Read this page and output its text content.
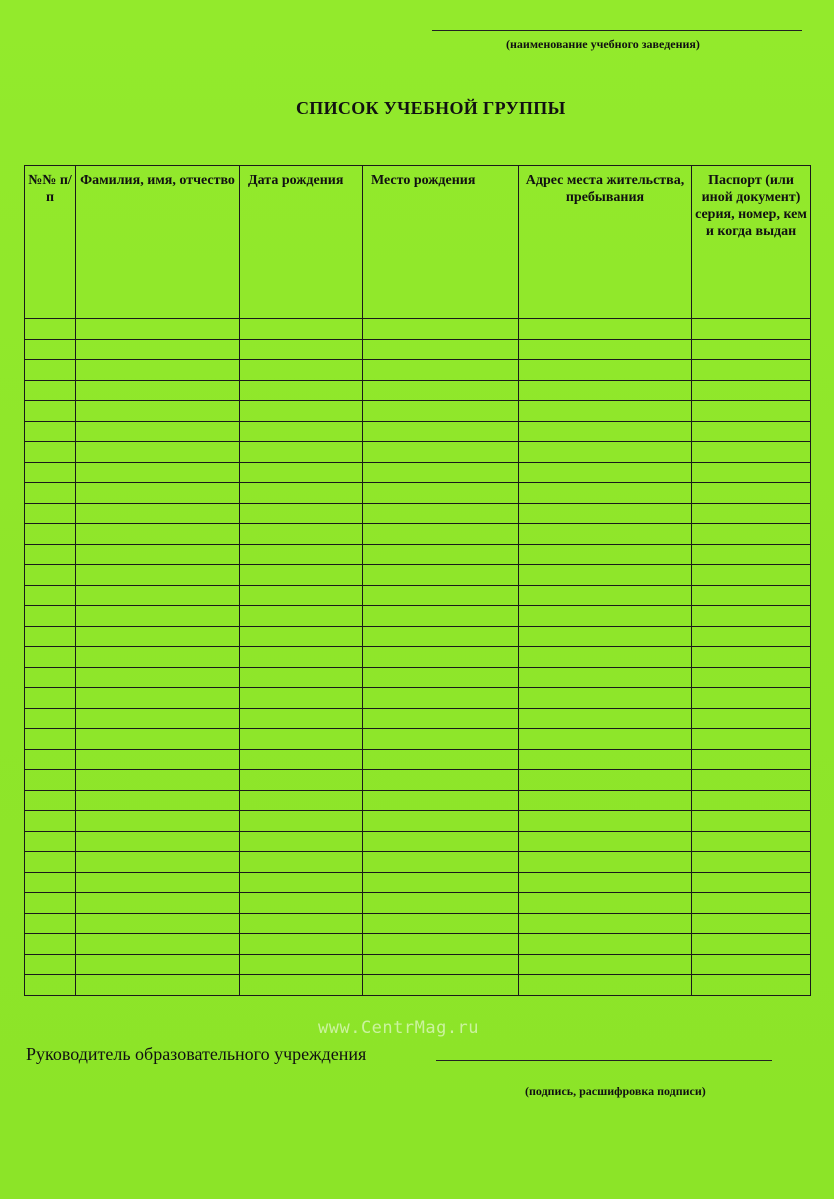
(наименование учебного заведения)
СПИСОК УЧЕБНОЙ ГРУППЫ
№№ п/п	Фамилия, имя, отчество	Дата рождения	Место рождения	Адрес места жительства, пребывания	Паспорт (или иной документ) серия, номер, кем и когда выдан

www.CentrMag.ru
Руководитель образовательного учреждения
(подпись, расшифровка подписи)
